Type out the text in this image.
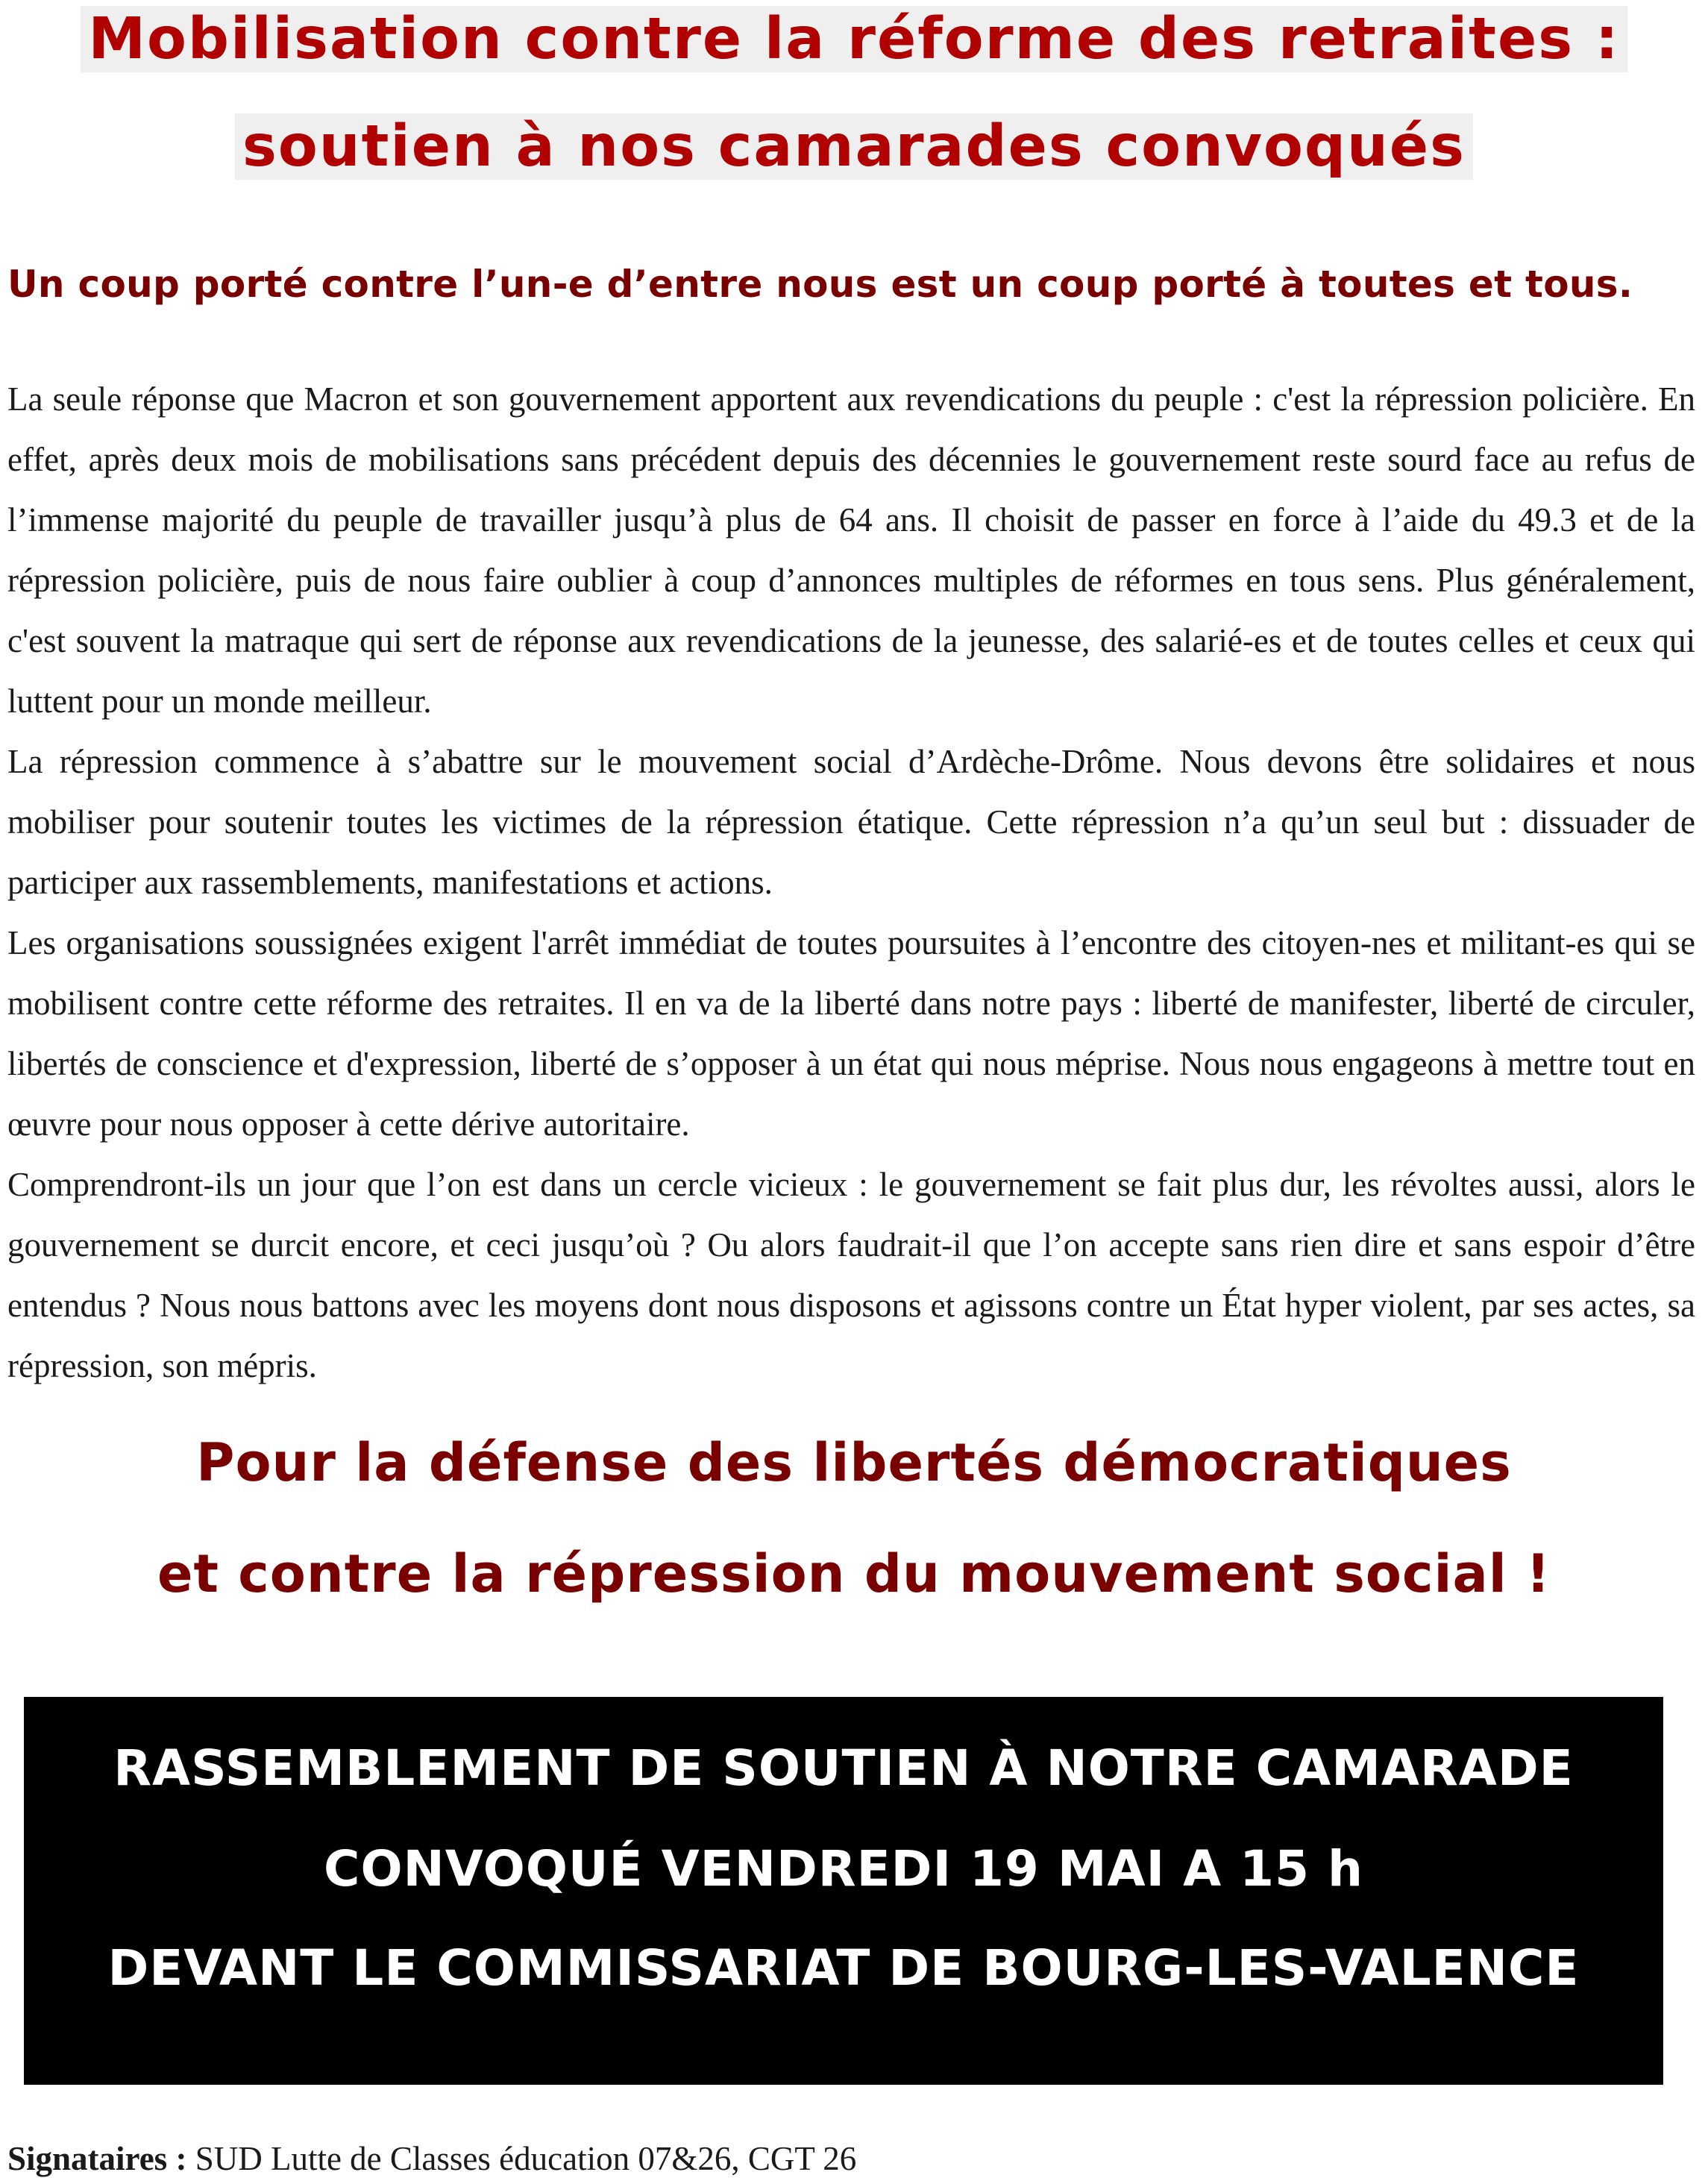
Mobilisation contre la réforme des retraites :
soutien à nos camarades convoqués
Un coup porté contre l’un-e d’entre nous est un coup porté à toutes et tous.

La seule réponse que Macron et son gouvernement apportent aux revendications du peuple : c'est la répression policière. En effet, après deux mois de mobilisations sans précédent depuis des décennies le gouvernement reste sourd face au refus de l’immense majorité du peuple de travailler jusqu’à plus de 64 ans. Il choisit de passer en force à l’aide du 49.3 et de la répression policière, puis de nous faire oublier à coup d’annonces multiples de réformes en tous sens. Plus généralement, c'est souvent la matraque qui sert de réponse aux revendications de la jeunesse, des salarié-es et de toutes celles et ceux qui luttent pour un monde meilleur.

La répression commence à s’abattre sur le mouvement social d’Ardèche-Drôme. Nous devons être solidaires et nous mobiliser pour soutenir toutes les victimes de la répression étatique. Cette répression n’a qu’un seul but : dissuader de participer aux rassemblements, manifestations et actions.

Les organisations soussignées exigent l'arrêt immédiat de toutes poursuites à l’encontre des citoyen-nes et militant-es qui se mobilisent contre cette réforme des retraites. Il en va de la liberté dans notre pays : liberté de manifester, liberté de circuler, libertés de conscience et d'expression, liberté de s’opposer à un état qui nous méprise. Nous nous engageons à mettre tout en œuvre pour nous opposer à cette dérive autoritaire.

Comprendront-ils un jour que l’on est dans un cercle vicieux : le gouvernement se fait plus dur, les révoltes aussi, alors le gouvernement se durcit encore, et ceci jusqu’où ? Ou alors faudrait-il que l’on accepte sans rien dire et sans espoir d’être entendus ? Nous nous battons avec les moyens dont nous disposons et agissons contre un État hyper violent, par ses actes, sa répression, son mépris.

Pour la défense des libertés démocratiques
et contre la répression du mouvement social !
RASSEMBLEMENT DE SOUTIEN À NOTRE CAMARADE
CONVOQUÉ VENDREDI 19 MAI A 15 h
DEVANT LE COMMISSARIAT DE BOURG-LES-VALENCE
Signataires : SUD Lutte de Classes éducation 07&26, CGT 26
